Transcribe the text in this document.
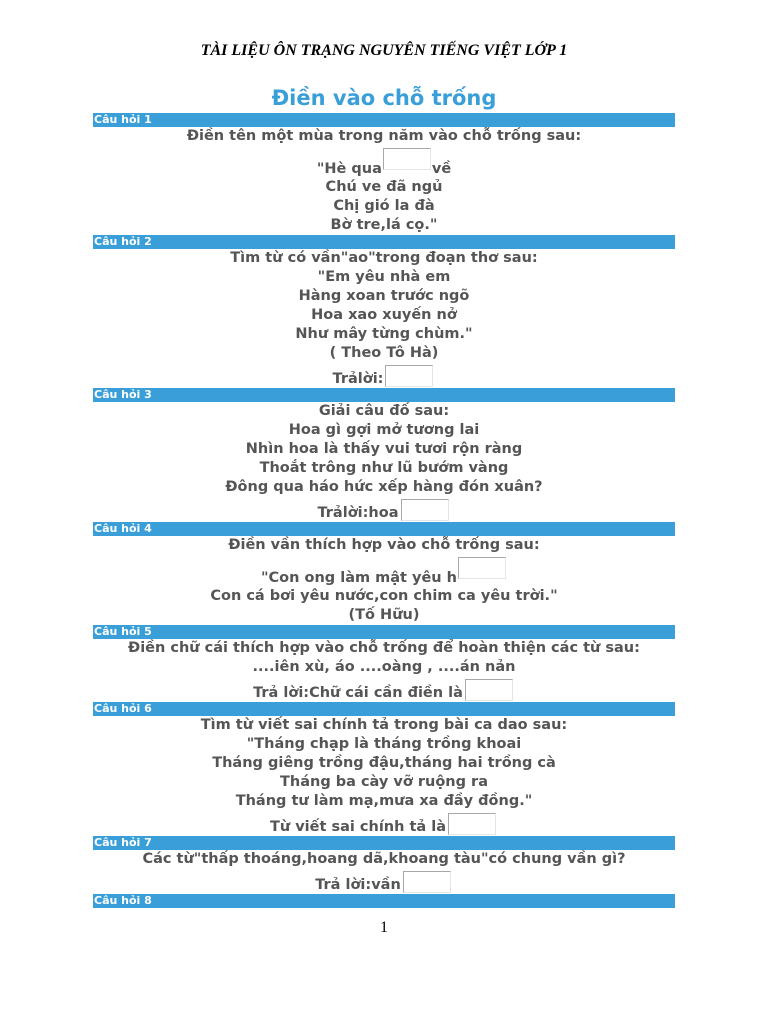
TÀI LIỆU ÔN TRẠNG NGUYÊN TIẾNG VIỆT LỚP 1
Điền vào chỗ trống
Câu hỏi 1
Điền tên một mùa trong năm vào chỗ trống sau:
"Hè qua	về
Chú ve đã ngủ
Chị gió la đà
Bờ tre,lá cọ."
Câu hỏi 2
Tìm từ có vần"ao"trong đoạn thơ sau:
"Em yêu nhà em
Hàng xoan trước ngõ
Hoa xao xuyến nở
Như mây từng chùm."
( Theo Tô Hà)
Trảlời:
Câu hỏi 3
Giải câu đố sau:
Hoa gì gợi mở tương lai
Nhìn hoa là thấy vui tươi rộn ràng
Thoắt trông như lũ bướm vàng
Đông qua háo hức xếp hàng đón xuân?
Trảlời:hoa
Câu hỏi 4
Điền vần thích hợp vào chỗ trống sau:
"Con ong làm mật yêu h
Con cá bơi yêu nước,con chim ca yêu trời."
(Tố Hữu)
Câu hỏi 5
Điền chữ cái thích hợp vào chỗ trống để hoàn thiện các từ sau:
....iên xù, áo ....oàng , ....án nản
Trả lời:Chữ cái cần điền là
Câu hỏi 6
Tìm từ viết sai chính tả trong bài ca dao sau:
"Tháng chạp là tháng trồng khoai
Tháng giêng trồng đậu,tháng hai trồng cà
Tháng ba cày vỡ ruộng ra
Tháng tư làm mạ,mưa xa đầy đồng."
Từ viết sai chính tả là
Câu hỏi 7
Các từ"thấp thoáng,hoang dã,khoang tàu"có chung vần gì?
Trả lời:vần
Câu hỏi 8
1
